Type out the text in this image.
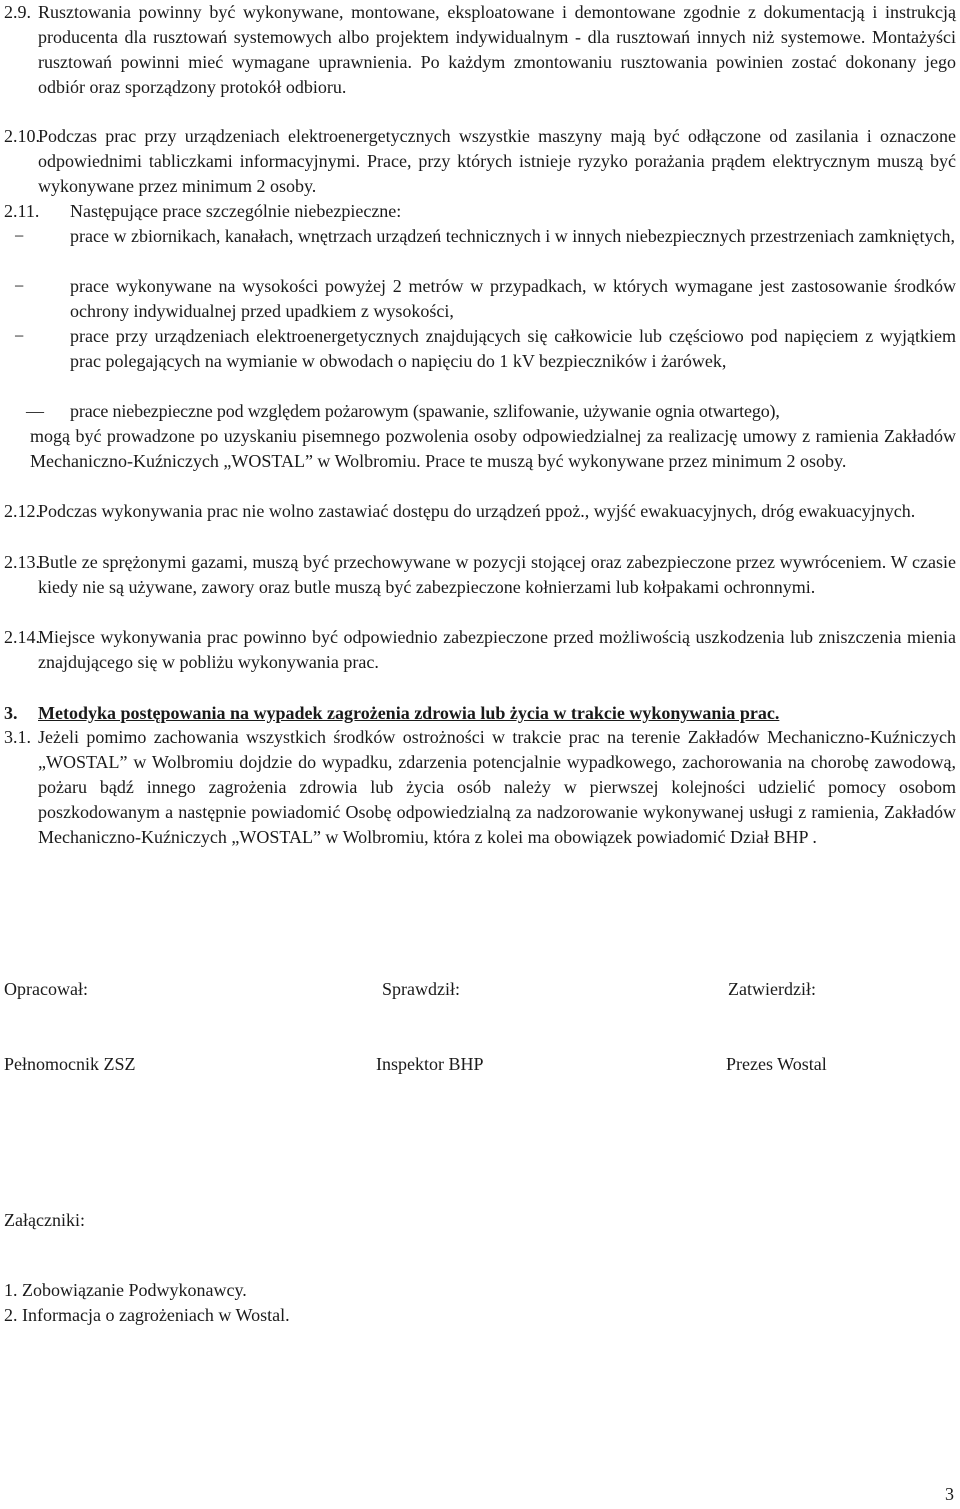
2.9. Rusztowania powinny być wykonywane, montowane, eksploatowane i demontowane zgodnie z dokumentacją i instrukcją producenta dla rusztowań systemowych albo projektem indywidualnym - dla rusztowań innych niż systemowe. Montażyści rusztowań powinni mieć wymagane uprawnienia. Po każdym zmontowaniu rusztowania powinien zostać dokonany jego odbiór oraz sporządzony protokół odbioru.
2.10.
Podczas prac przy urządzeniach elektroenergetycznych wszystkie maszyny mają być odłączone od zasilania i oznaczone odpowiednimi tabliczkami informacyjnymi. Prace, przy których istnieje ryzyko porażania prądem elektrycznym muszą być wykonywane przez minimum 2 osoby.
2.11. Następujące prace szczególnie niebezpieczne:
−	prace w zbiornikach, kanałach, wnętrzach urządzeń technicznych i w innych niebezpiecznych przestrzeniach zamkniętych,
−	prace wykonywane na wysokości powyżej 2 metrów w przypadkach, w których wymagane jest zastosowanie środków ochrony indywidualnej przed upadkiem z wysokości,
−	prace przy urządzeniach elektroenergetycznych znajdujących się całkowicie lub częściowo pod napięciem z wyjątkiem prac polegających na wymianie w obwodach o napięciu do 1 kV bezpieczników i żarówek,
— prace niebezpieczne pod względem pożarowym (spawanie, szlifowanie, używanie ognia otwartego),
mogą być prowadzone po uzyskaniu pisemnego pozwolenia osoby odpowiedzialnej za realizację umowy z ramienia Zakładów Mechaniczno-Kuźniczych „WOSTAL” w Wolbromiu. Prace te muszą być wykonywane przez minimum 2 osoby.
2.12.
Podczas wykonywania prac nie wolno zastawiać dostępu do urządzeń ppoż., wyjść ewakuacyjnych, dróg ewakuacyjnych.
2.13.
Butle ze sprężonymi gazami, muszą być przechowywane w pozycji stojącej oraz zabezpieczone przez wywróceniem. W czasie kiedy nie są używane, zawory oraz butle muszą być zabezpieczone kołnierzami lub kołpakami ochronnymi.
2.14.
Miejsce wykonywania prac powinno być odpowiednio zabezpieczone przed możliwością uszkodzenia lub zniszczenia mienia znajdującego się w pobliżu wykonywania prac.
3. Metodyka postępowania na wypadek zagrożenia zdrowia lub życia w trakcie wykonywania prac.
3.1. Jeżeli pomimo zachowania wszystkich środków ostrożności w trakcie prac na terenie Zakładów Mechaniczno-Kuźniczych „WOSTAL” w Wolbromiu dojdzie do wypadku, zdarzenia potencjalnie wypadkowego, zachorowania na chorobę zawodową, pożaru bądź innego zagrożenia zdrowia lub życia osób należy w pierwszej kolejności udzielić pomocy osobom poszkodowanym a następnie powiadomić Osobę odpowiedzialną za nadzorowanie wykonywanej usługi z ramienia, Zakładów Mechaniczno-Kuźniczych „WOSTAL” w Wolbromiu, która z kolei ma obowiązek powiadomić Dział BHP .
Opracował:	Sprawdził:	Zatwierdził:
Pełnomocnik ZSZ	Inspektor BHP	Prezes Wostal
Załączniki:
1. Zobowiązanie Podwykonawcy.
2. Informacja o zagrożeniach w Wostal.
3
